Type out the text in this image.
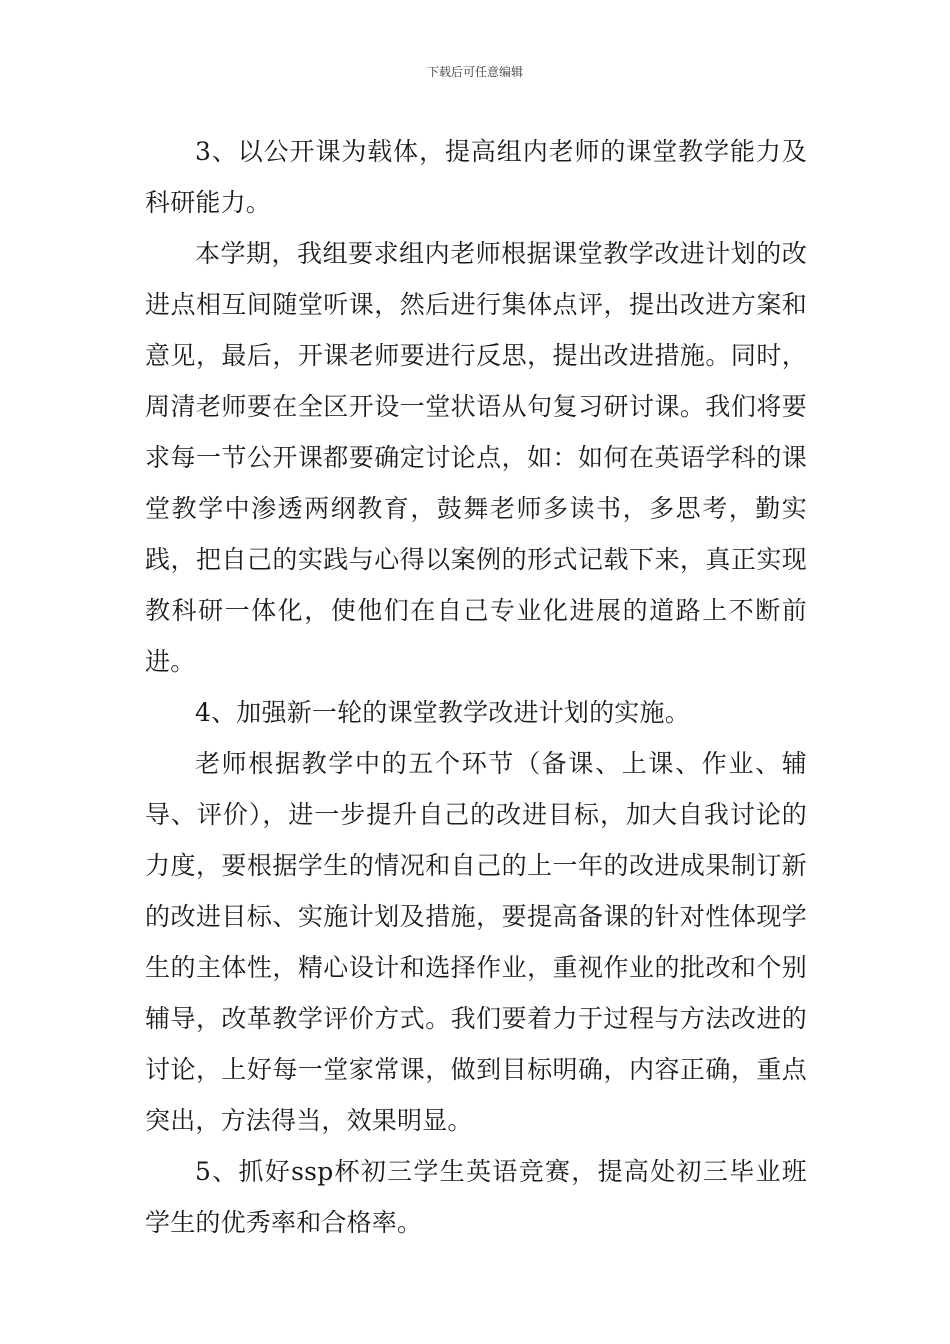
下载后可任意编辑

3、以公开课为载体，提高组内老师的课堂教学能力及科研能力。

本学期，我组要求组内老师根据课堂教学改进计划的改进点相互间随堂听课，然后进行集体点评，提出改进方案和意见，最后，开课老师要进行反思，提出改进措施。同时，周清老师要在全区开设一堂状语从句复习研讨课。我们将要求每一节公开课都要确定讨论点，如：如何在英语学科的课堂教学中渗透两纲教育，鼓舞老师多读书，多思考，勤实践，把自己的实践与心得以案例的形式记载下来，真正实现教科研一体化，使他们在自己专业化进展的道路上不断前进。

4、加强新一轮的课堂教学改进计划的实施。

老师根据教学中的五个环节（备课、上课、作业、辅导、评价），进一步提升自己的改进目标，加大自我讨论的力度，要根据学生的情况和自己的上一年的改进成果制订新的改进目标、实施计划及措施，要提高备课的针对性体现学生的主体性，精心设计和选择作业，重视作业的批改和个别辅导，改革教学评价方式。我们要着力于过程与方法改进的讨论，上好每一堂家常课，做到目标明确，内容正确，重点突出，方法得当，效果明显。

5、抓好ssp杯初三学生英语竞赛，提高处初三毕业班学生的优秀率和合格率。
